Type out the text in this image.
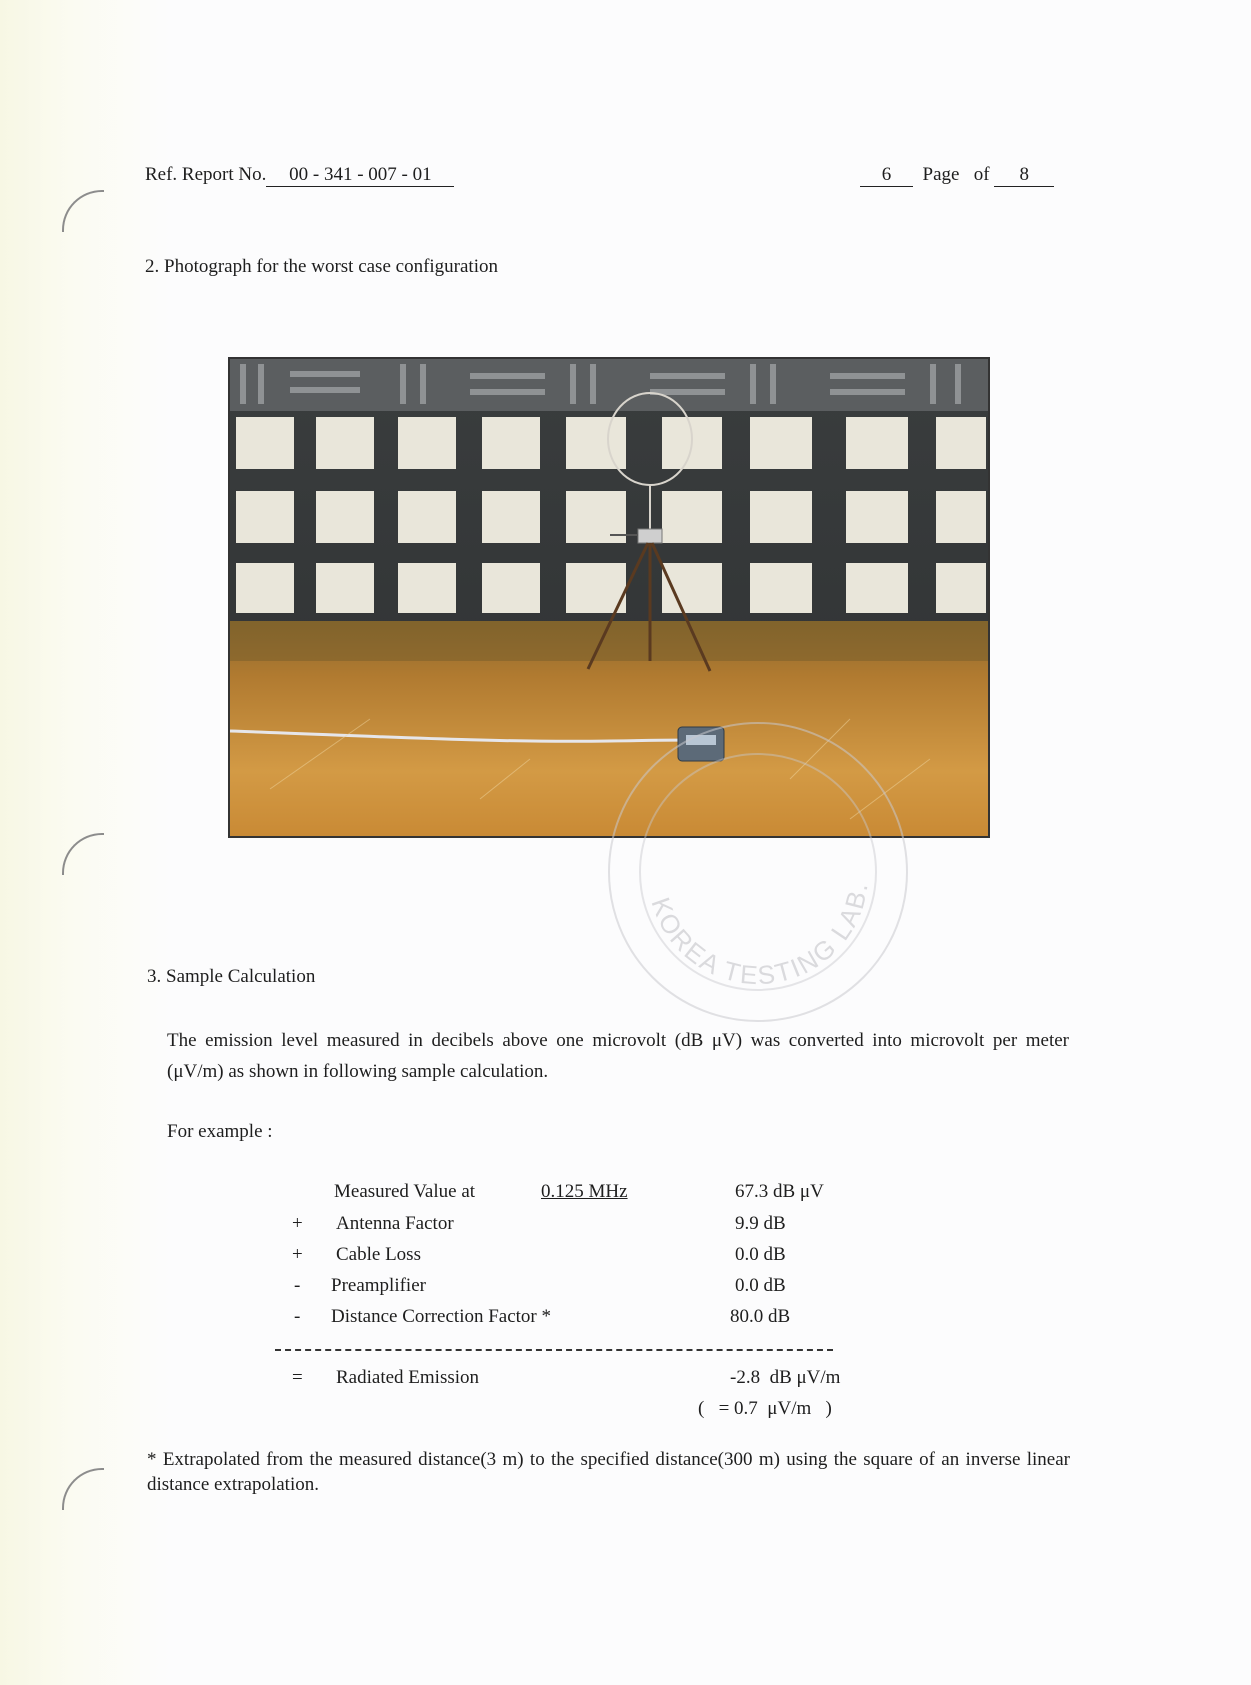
Ref. Report No. 00 - 341 - 007 - 01	6 Page of 8
2. Photograph for the worst case configuration
KOREA TESTING LAB.
3. Sample Calculation
The emission level measured in decibels above one microvolt (dB μV) was converted into microvolt per meter (μV/m) as shown in following sample calculation.
For example :
Measured Value at	0.125 MHz	67.3 dB μV
+ Antenna Factor	9.9 dB
+ Cable Loss	0.0 dB
- Preamplifier	0.0 dB
- Distance Correction Factor *	80.0 dB
= Radiated Emission	-2.8  dB μV/m
(   = 0.7  μV/m   )
* Extrapolated from the measured distance(3 m) to the specified distance(300 m) using the square of an inverse linear distance extrapolation.
